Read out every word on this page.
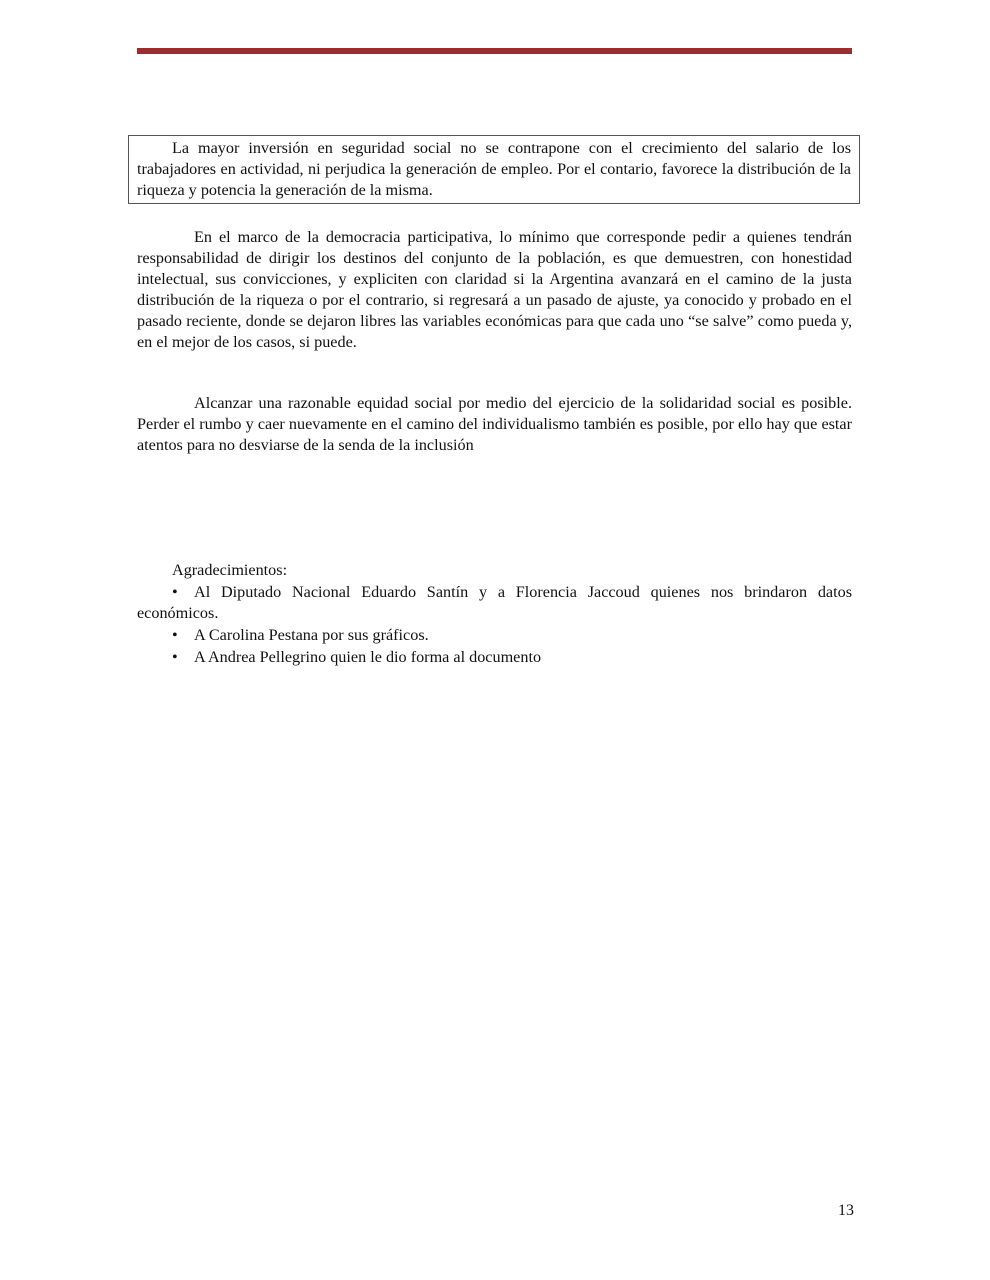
La mayor inversión en seguridad social no se contrapone con el crecimiento del salario de los trabajadores en actividad, ni perjudica la generación de empleo. Por el contario, favorece la distribución de la riqueza y potencia la generación de la misma.

En el marco de la democracia participativa, lo mínimo que corresponde pedir a quienes tendrán responsabilidad de dirigir los destinos del conjunto de la población, es que demuestren, con honestidad intelectual, sus convicciones, y expliciten con claridad si la Argentina avanzará en el camino de la justa distribución de la riqueza o por el contrario, si regresará a un pasado de ajuste, ya conocido y probado en el pasado reciente, donde se dejaron libres las variables económicas para que cada uno “se salve” como pueda y, en el mejor de los casos, si puede.

Alcanzar una razonable equidad social por medio del ejercicio de la solidaridad social es posible. Perder el rumbo y caer nuevamente en el camino del individualismo también es posible, por ello hay que estar atentos para no desviarse de la senda de la inclusión

Agradecimientos:

• Al Diputado Nacional Eduardo Santín y a Florencia Jaccoud quienes nos brindaron datos económicos.
•	A Carolina Pestana por sus gráficos.
•	A Andrea Pellegrino quien le dio forma al documento
13
